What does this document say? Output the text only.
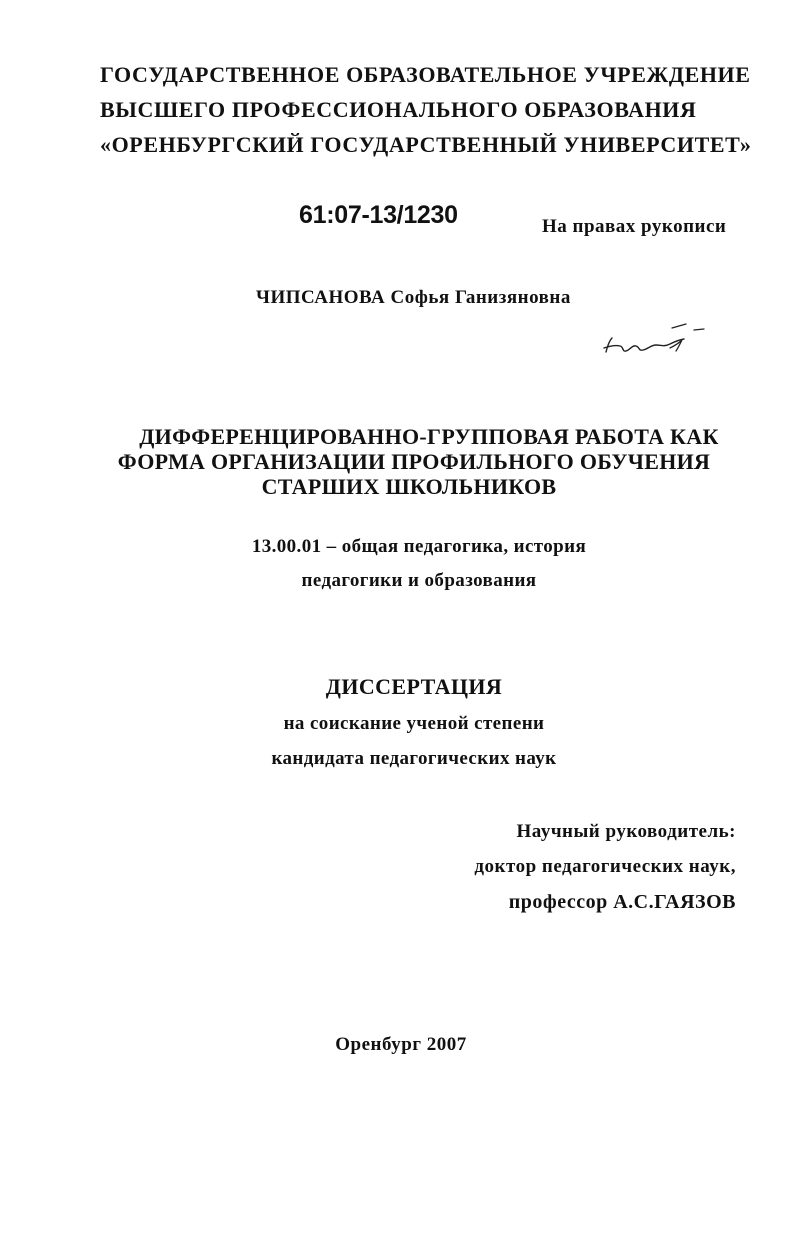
ГОСУДАРСТВЕННОЕ ОБРАЗОВАТЕЛЬНОЕ УЧРЕЖДЕНИЕ

ВЫСШЕГО ПРОФЕССИОНАЛЬНОГО ОБРАЗОВАНИЯ

«ОРЕНБУРГСКИЙ ГОСУДАРСТВЕННЫЙ УНИВЕРСИТЕТ»

61:07-13/1230	На правах рукописи

ЧИПСАНОВА Софья Ганизяновна

ДИФФЕРЕНЦИРОВАННО-ГРУППОВАЯ РАБОТА КАК

ФОРМА ОРГАНИЗАЦИИ ПРОФИЛЬНОГО ОБУЧЕНИЯ

СТАРШИХ ШКОЛЬНИКОВ

13.00.01 – общая педагогика, история

педагогики и образования

ДИССЕРТАЦИЯ

на соискание ученой степени

кандидата педагогических наук

Научный руководитель:

доктор педагогических наук,

профессор А.С.ГАЯЗОВ

Оренбург 2007
